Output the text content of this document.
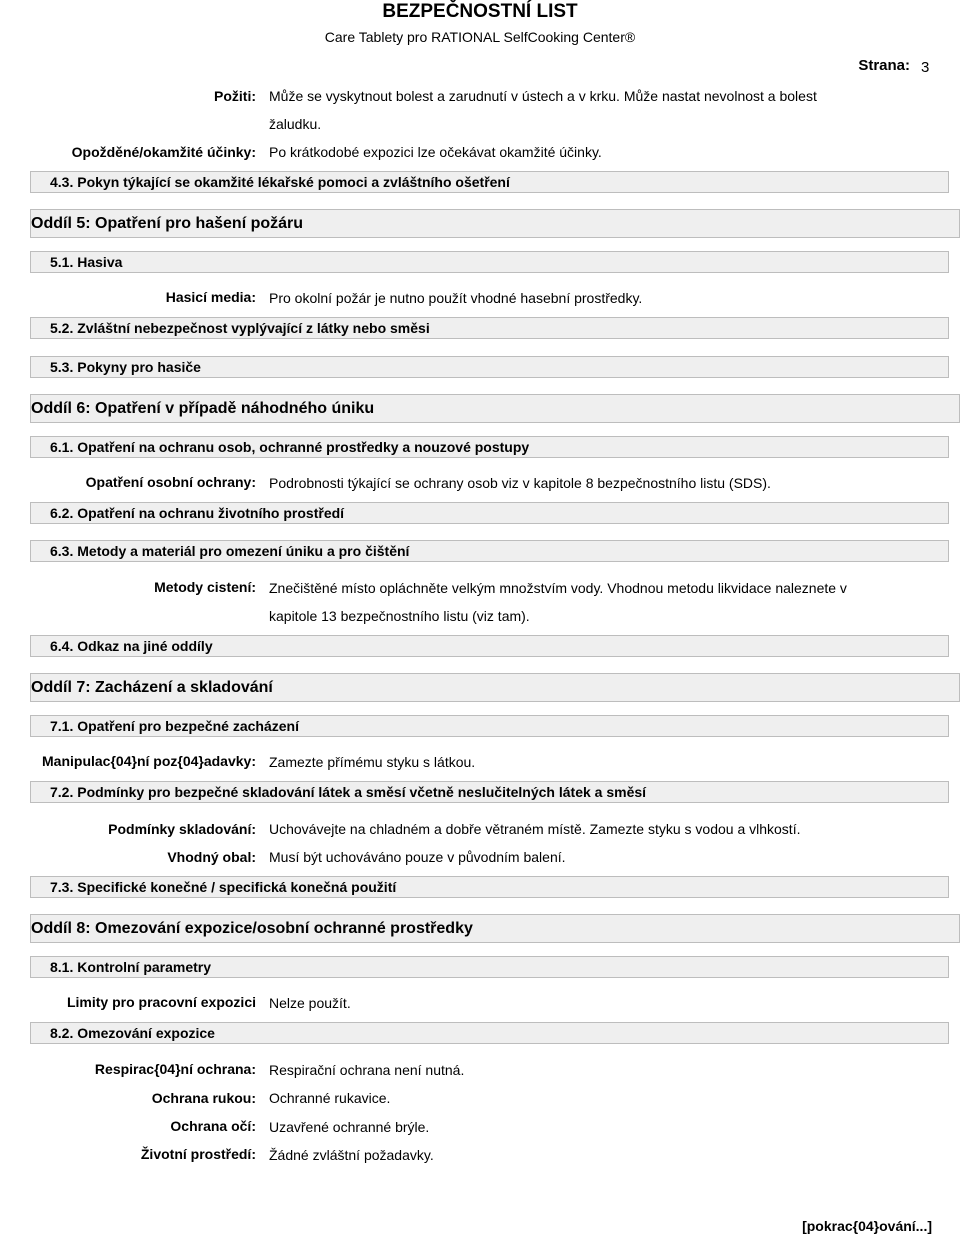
BEZPEČNOSTNÍ LIST
Care Tablety pro RATIONAL SelfCooking Center®
Strana: 3
Požiti: Může se vyskytnout bolest a zarudnutí v ústech a v krku. Může nastat nevolnost a bolest
žaludku.
Opožděné/okamžité účinky: Po krátkodobé expozici lze očekávat okamžité účinky.
4.3. Pokyn týkající se okamžité lékařské pomoci a zvláštního ošetření
Oddíl 5: Opatření pro hašení požáru
5.1. Hasiva
Hasicí media: Pro okolní požár je nutno použít vhodné hasební prostředky.
5.2. Zvláštní nebezpečnost vyplývající z látky nebo směsi
5.3. Pokyny pro hasiče
Oddíl 6: Opatření v případě náhodného úniku
6.1. Opatření na ochranu osob, ochranné prostředky a nouzové postupy
Opatření osobní ochrany: Podrobnosti týkající se ochrany osob viz v kapitole 8 bezpečnostního listu (SDS).
6.2. Opatření na ochranu životního prostředí
6.3. Metody a materiál pro omezení úniku a pro čištění
Metody cistení: Znečištěné místo opláchněte velkým množstvím vody. Vhodnou metodu likvidace naleznete v
kapitole 13 bezpečnostního listu (viz tam).
6.4. Odkaz na jiné oddíly
Oddíl 7: Zacházení a skladování
7.1. Opatření pro bezpečné zacházení
Manipulac{04}ní poz{04}adavky: Zamezte přímému styku s látkou.
7.2. Podmínky pro bezpečné skladování látek a směsí včetně neslučitelných látek a směsí
Podmínky skladování: Uchovávejte na chladném a dobře větraném místě. Zamezte styku s vodou a vlhkostí.
Vhodný obal: Musí být uchováváno pouze v původním balení.
7.3. Specifické konečné / specifická konečná použití
Oddíl 8: Omezování expozice/osobní ochranné prostředky
8.1. Kontrolní parametry
Limity pro pracovní expozici Nelze použít.
8.2. Omezování expozice
Respirac{04}ní ochrana: Respirační ochrana není nutná.
Ochrana rukou: Ochranné rukavice.
Ochrana očí: Uzavřené ochranné brýle.
Životní prostředí: Žádné zvláštní požadavky.
[pokrac{04}ování...]
